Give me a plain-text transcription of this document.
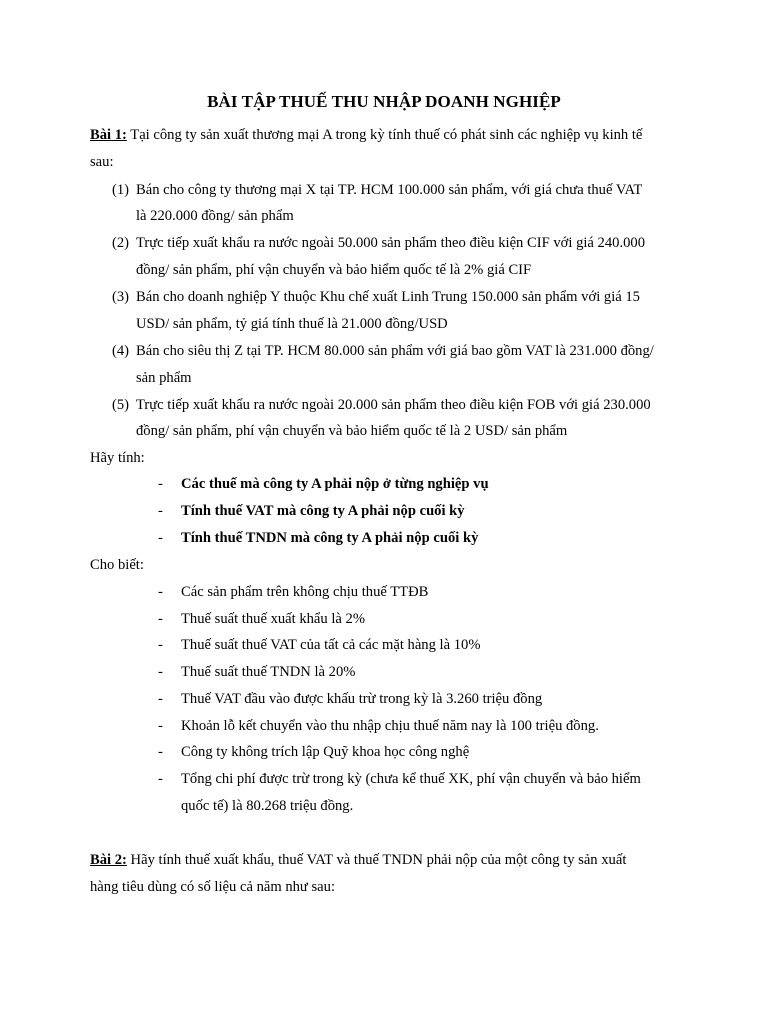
BÀI TẬP THUẾ THU NHẬP DOANH NGHIỆP
Bài 1: Tại công ty sản xuất thương mại A trong kỳ tính thuế có phát sinh các nghiệp vụ kinh tế
sau:
(1) Bán cho công ty thương mại X tại TP. HCM 100.000 sản phẩm, với giá chưa thuế VAT
là 220.000 đồng/ sản phẩm
(2) Trực tiếp xuất khẩu ra nước ngoài 50.000 sản phẩm theo điều kiện CIF với giá 240.000
đồng/ sản phẩm, phí vận chuyển và bảo hiểm quốc tế là 2% giá CIF
(3) Bán cho doanh nghiệp Y thuộc Khu chế xuất Linh Trung 150.000 sản phẩm với giá 15
USD/ sản phẩm, tỷ giá tính thuế là 21.000 đồng/USD
(4) Bán cho siêu thị Z tại TP. HCM 80.000 sản phẩm với giá bao gồm VAT là 231.000 đồng/
sản phẩm
(5) Trực tiếp xuất khẩu ra nước ngoài 20.000 sản phẩm theo điều kiện FOB với giá 230.000
đồng/ sản phẩm, phí vận chuyển và bảo hiểm quốc tế là 2 USD/ sản phẩm
Hãy tính:
- Các thuế mà công ty A phải nộp ở từng nghiệp vụ
- Tính thuế VAT mà công ty A phải nộp cuối kỳ
- Tính thuế TNDN mà công ty A phải nộp cuối kỳ
Cho biết:
- Các sản phẩm trên không chịu thuế TTĐB
- Thuế suất thuế xuất khẩu là 2%
- Thuế suất thuế VAT của tất cả các mặt hàng là 10%
- Thuế suất thuế TNDN là 20%
- Thuế VAT đầu vào được khấu trừ trong kỳ là 3.260 triệu đồng
- Khoản lỗ kết chuyển vào thu nhập chịu thuế năm nay là 100 triệu đồng.
- Công ty không trích lập Quỹ khoa học công nghệ
- Tổng chi phí được trừ trong kỳ (chưa kể thuế XK, phí vận chuyển và bảo hiểm
quốc tế) là 80.268 triệu đồng.
Bài 2: Hãy tính thuế xuất khẩu, thuế VAT và thuế TNDN phải nộp của một công ty sản xuất
hàng tiêu dùng có số liệu cả năm như sau:
